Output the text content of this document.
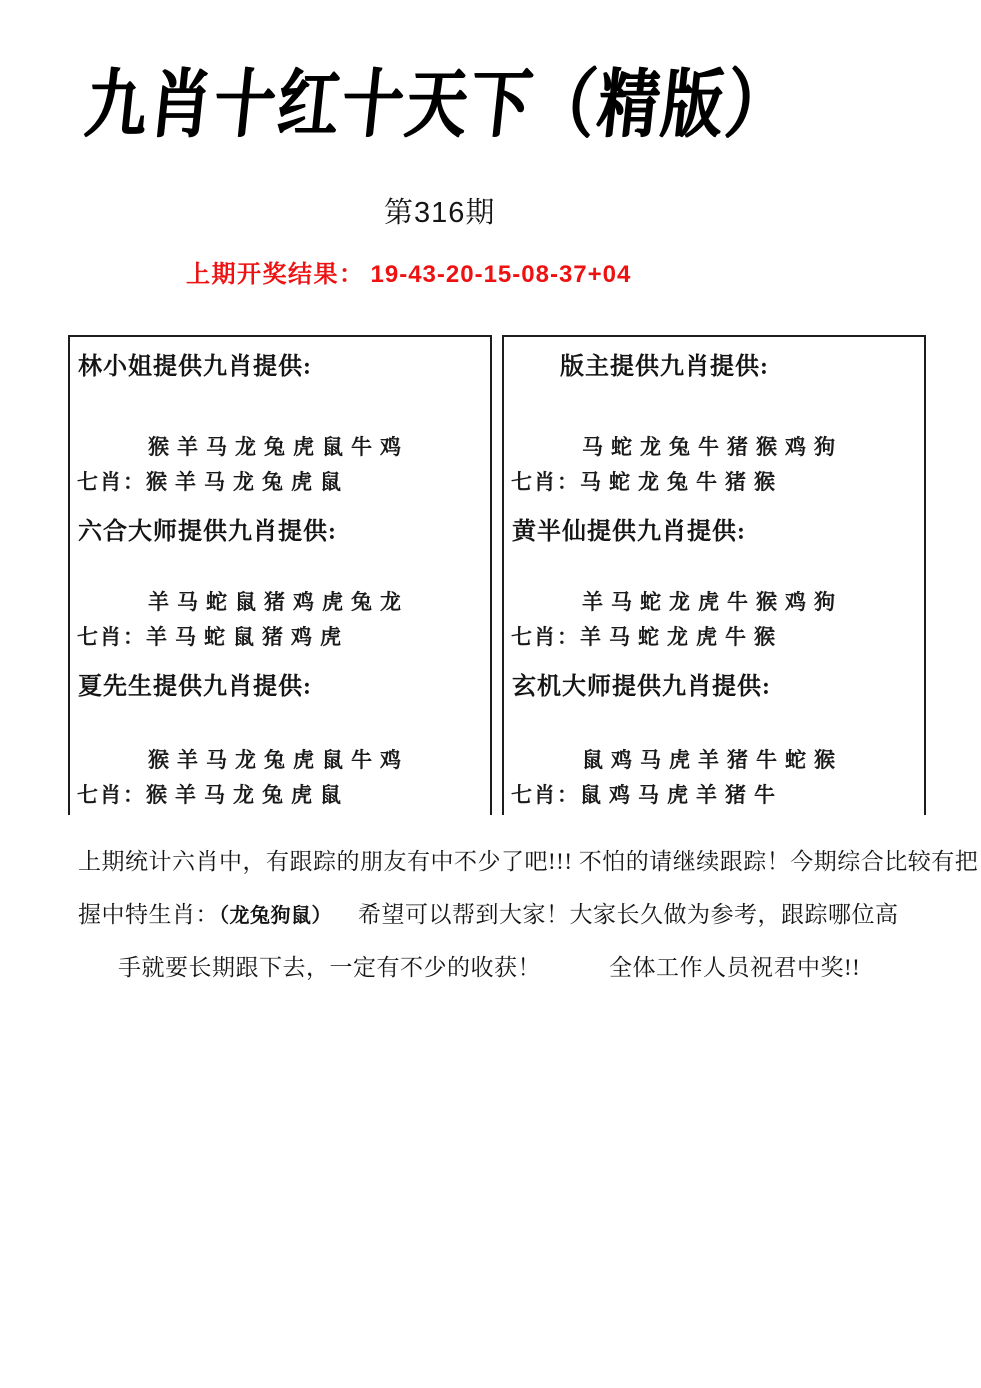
九肖十红十天下（精版）
第316期
上期开奖结果： 19-43-20-15-08-37+04
林小姐提供九肖提供:
猴羊马龙兔虎鼠牛鸡
七肖：猴羊马龙兔虎鼠
六合大师提供九肖提供:
羊马蛇鼠猪鸡虎兔龙
七肖：羊马蛇鼠猪鸡虎
夏先生提供九肖提供:
猴羊马龙兔虎鼠牛鸡
七肖：猴羊马龙兔虎鼠
版主提供九肖提供:
马蛇龙兔牛猪猴鸡狗
七肖：马蛇龙兔牛猪猴
黄半仙提供九肖提供:
羊马蛇龙虎牛猴鸡狗
七肖：羊马蛇龙虎牛猴
玄机大师提供九肖提供:
鼠鸡马虎羊猪牛蛇猴
七肖：鼠鸡马虎羊猪牛
上期统计六肖中，有跟踪的朋友有中不少了吧!!! 不怕的请继续跟踪！今期综合比较有把
握中特生肖：（龙兔狗鼠） 希望可以帮到大家！大家长久做为参考，跟踪哪位高
手就要长期跟下去，一定有不少的收获！	全体工作人员祝君中奖!!
